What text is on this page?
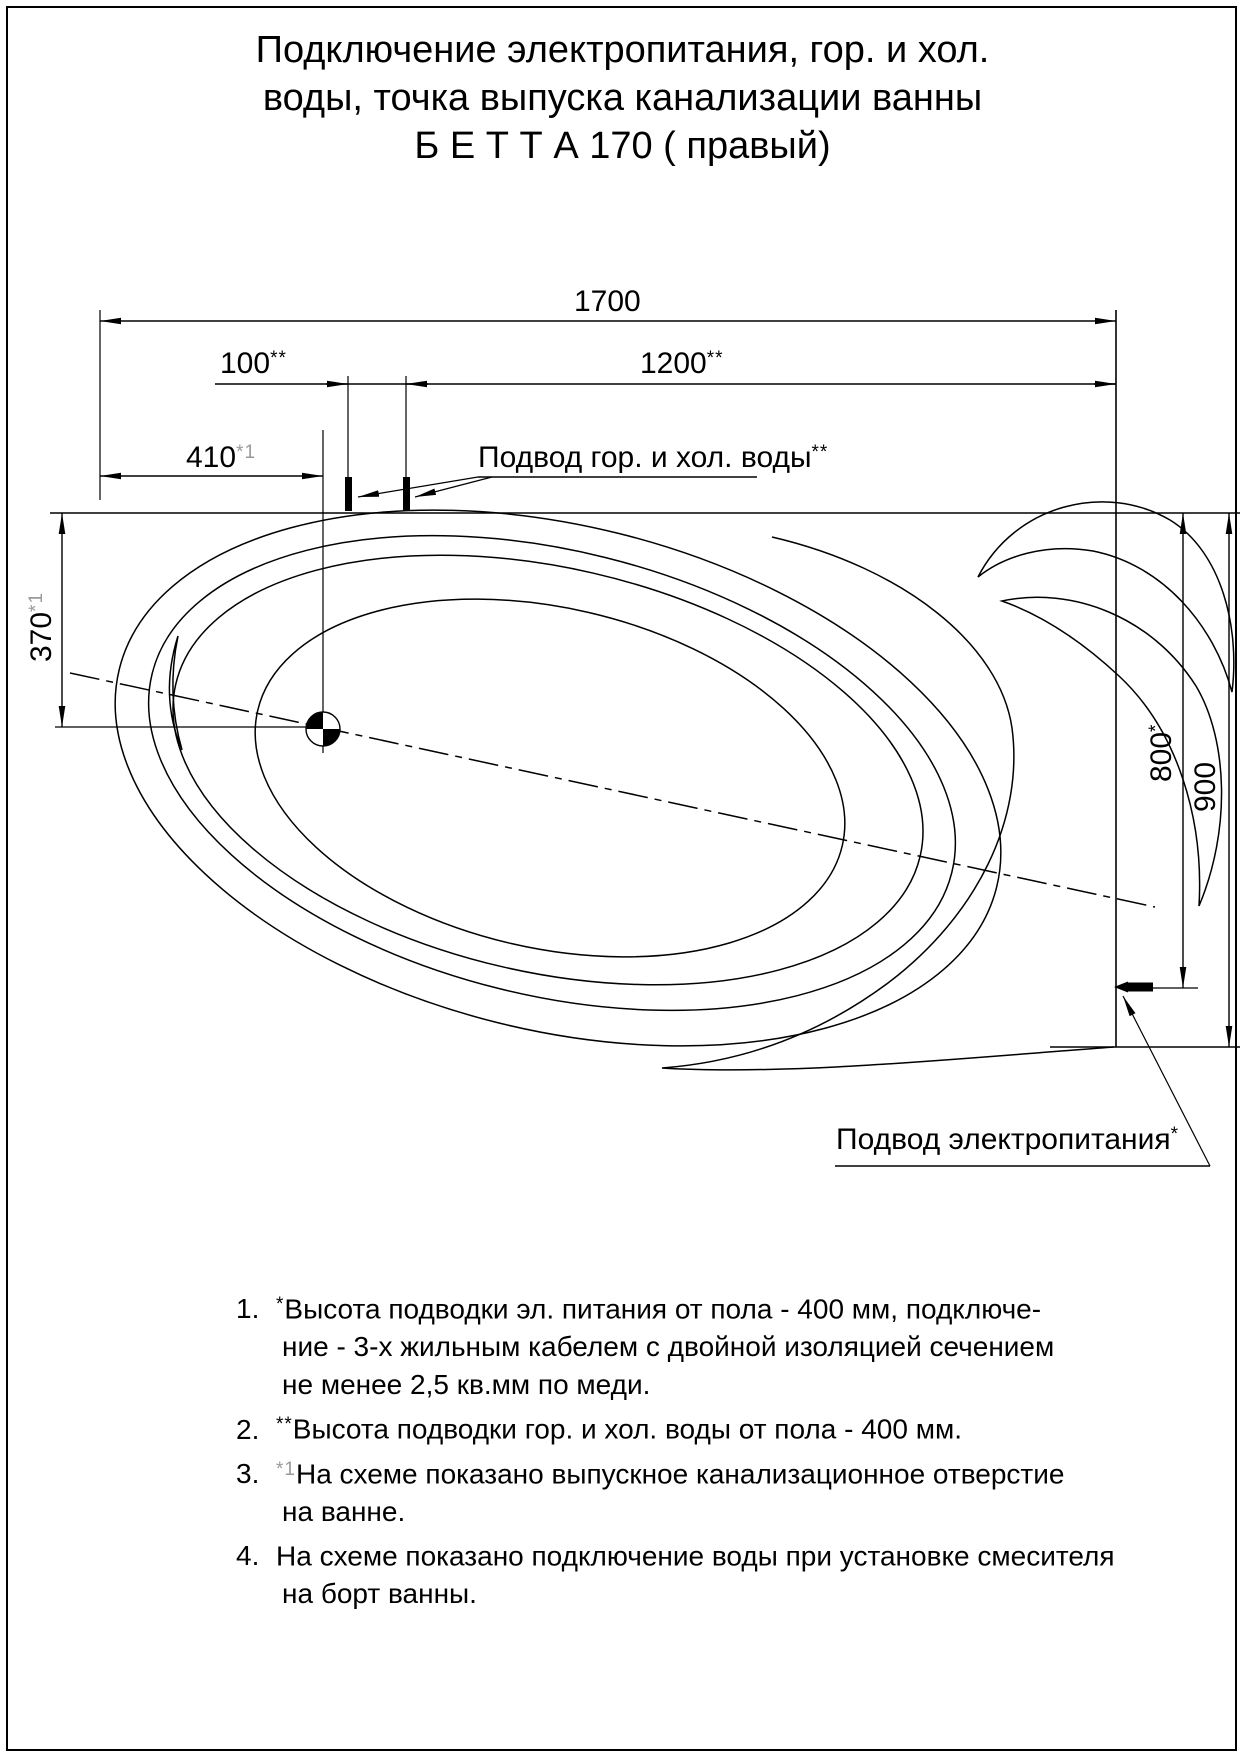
Подключение электропитания, гор. и хол.
воды, точка выпуска канализации ванны
Б Е Т Т А 170 ( правый)
1700
100**	1200**
410$^{*1}$
370$^{*1}$
800*
900
Подвод гор. и хол. воды**
Подвод электропитания*
1. *Высота подводки эл. питания от пола - 400 мм, подключе-
ние - 3-х жильным кабелем с двойной изоляцией сечением
не менее 2,5 кв.мм по меди.
2. **Высота подводки гор. и хол. воды от пола - 400 мм.
3. $^{*1}$На схеме показано выпускное канализационное отверстие
на ванне.
4. На схеме показано подключение воды при установке смесителя
на борт ванны.
